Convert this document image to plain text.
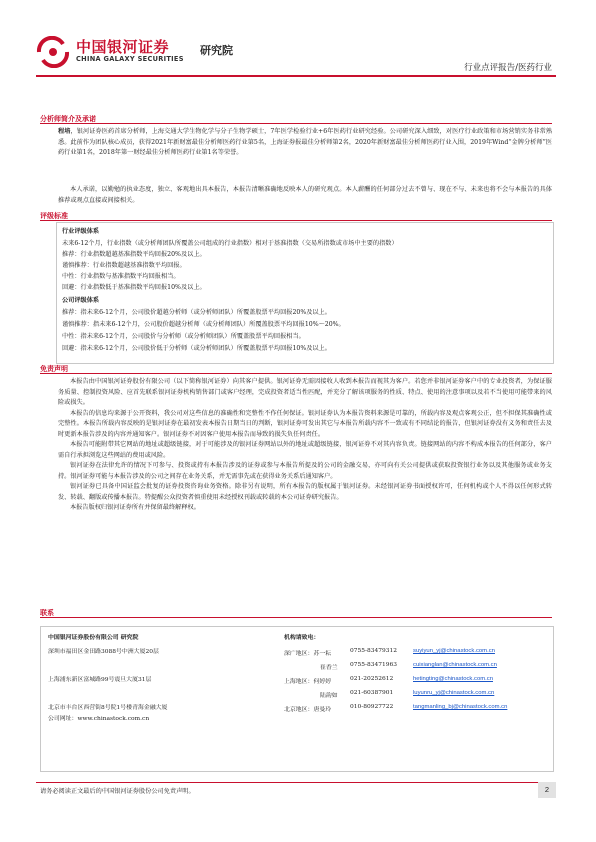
中国银河证券
CHINA GALAXY SECURITIES
研究院
行业点评报告/医药行业
分析师简介及承诺

程培，银河证券医药首席分析师，上海交通大学生物化学与分子生物学硕士，7年医学检验行业+6年医药行业研究经验。公司研究深入细致，对医疗行业政策和市场营销实务非常熟悉。此前作为团队核心成员，获得2021年新财富最佳分析师医药行业第5名，上海证券报最佳分析师第2名，2020年新财富最佳分析师医药行业入围，2019年Wind“金牌分析师”医药行业第1名，2018年第一财经最佳分析师医药行业第1名等荣誉。

本人承诺，以勤勉的执业态度，独立、客观地出具本报告，本报告清晰准确地反映本人的研究观点。本人薪酬的任何部分过去不曾与、现在不与、未来也将不会与本报告的具体推荐或观点直接或间接相关。

评级标准
行业评级体系
未来6-12个月，行业指数（或分析师团队所覆盖公司组成的行业指数）相对于基准指数（交易所指数或市场中主要的指数）
推荐：行业指数超越基准指数平均回报20%及以上。
谨慎推荐：行业指数超越基准指数平均回报。
中性：行业指数与基准指数平均回报相当。
回避：行业指数低于基准指数平均回报10%及以上。
公司评级体系
推荐：指未来6-12个月，公司股价超越分析师（或分析师团队）所覆盖股票平均回报20%及以上。
谨慎推荐：指未来6-12个月，公司股价超越分析师（或分析师团队）所覆盖股票平均回报10%～20%。
中性：指未来6-12个月，公司股价与分析师（或分析师团队）所覆盖股票平均回报相当。
回避：指未来6-12个月，公司股价低于分析师（或分析师团队）所覆盖股票平均回报10%及以上。
免责声明

本报告由中国银河证券股份有限公司（以下简称银河证券）向其客户提供。银河证券无需因接收人收到本报告而视其为客户。若您并非银河证券客户中的专业投资者，为保证服务质量、控制投资风险、应首先联系银河证券机构销售部门或客户经理，完成投资者适当性匹配，并充分了解该项服务的性质、特点、使用的注意事项以及若不当使用可能带来的风险或损失。

本报告的信息均来源于公开资料，我公司对这些信息的准确性和完整性不作任何保证。银河证券认为本报告资料来源是可靠的，所载内容及观点客观公正，但不担保其准确性或完整性。本报告所载内容反映的是银河证券在最初发表本报告日期当日的判断，银河证券可发出其它与本报告所载内容不一致或有不同结论的报告，但银河证券没有义务和责任去及时更新本报告涉及的内容并通知客户。银河证券不对因客户使用本报告而导致的损失负任何责任。

本报告可能附带其它网站的地址或超级链接，对于可能涉及的银河证券网站以外的地址或超级链接，银河证券不对其内容负责。链接网站的内容不构成本报告的任何部分，客户需自行承担浏览这些网站的费用或风险。

银河证券在法律允许的情况下可参与、投资或持有本报告涉及的证券或参与本报告所提及的公司的金融交易，亦可向有关公司提供或获取投资银行业务以及其他服务或业务支持。银河证券可能与本报告涉及的公司之间存在业务关系，并无需事先或在获得业务关系后通知客户。

银河证券已具备中国证监会批复的证券投资咨询业务资格。除非另有说明，所有本报告的版权属于银河证券。未经银河证券书面授权许可，任何机构或个人不得以任何形式转发、转载、翻版或传播本报告。特提醒公众投资者慎重使用未经授权刊载或转载的本公司证券研究报告。

本报告版权归银河证券所有并保留最终解释权。

联系
中国银河证券股份有限公司 研究院
深圳市福田区金田路3088号中洲大厦20层
上海浦东新区富城路99号震旦大厦31层
北京市丰台区西营街8号院1号楼青海金融大厦
公司网址：www.chinastock.com.cn
机构请致电：
深广地区：苏一耘	0755-83479312	suyiyun_yj@chinastock.com.cn
崔香兰 0755-83471963	cuixianglan@chinastock.com.cn
上海地区：何婷婷	021-20252612	hetingting@chinastock.com.cn
陆韵如 021-60387901	luyunru_yj@chinastock.com.cn
北京地区：唐曼玲	010-80927722	tangmanling_bj@chinastock.com.cn
请务必阅读正文最后的中国银河证券股份公司免责声明。	2
